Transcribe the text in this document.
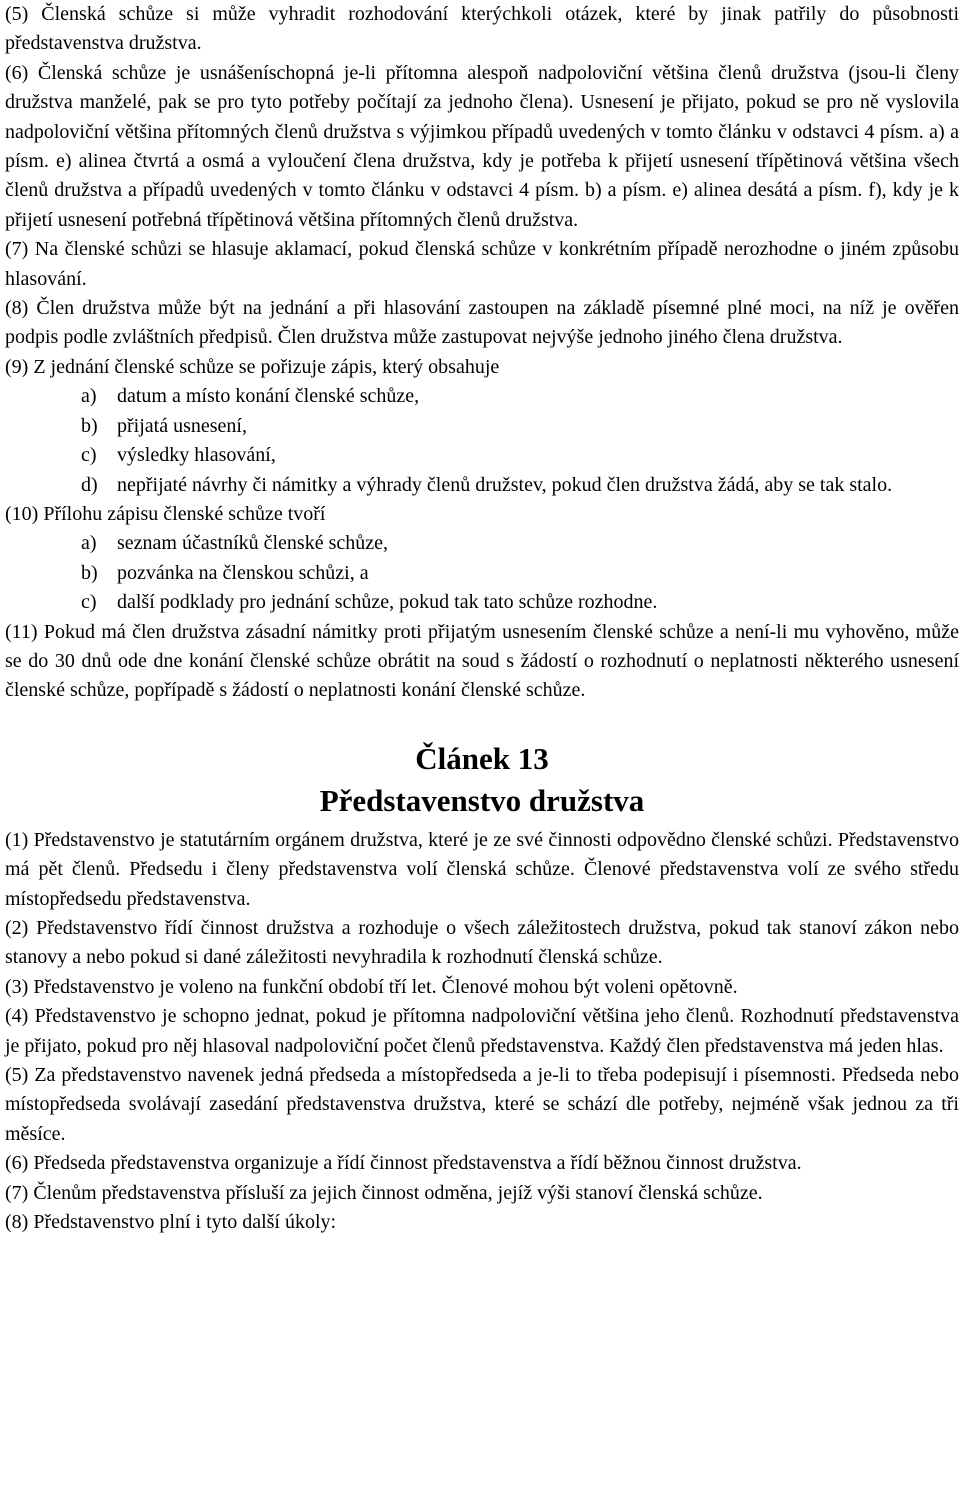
(5) Členská schůze si může vyhradit rozhodování kterýchkoli otázek, které by jinak patřily do působnosti představenstva družstva.

(6) Členská schůze je usnášeníschopná je-li přítomna alespoň nadpoloviční většina členů družstva (jsou-li členy družstva manželé, pak se pro tyto potřeby počítají za jednoho člena). Usnesení je přijato, pokud se pro ně vyslovila nadpoloviční většina přítomných členů družstva s výjimkou případů uvedených v tomto článku v odstavci 4 písm. a) a písm. e) alinea čtvrtá a osmá a vyloučení člena družstva, kdy je potřeba k přijetí usnesení třípětinová většina všech členů družstva a případů uvedených v tomto článku v odstavci 4 písm. b) a písm. e) alinea desátá a písm. f), kdy je k přijetí usnesení potřebná třípětinová většina přítomných členů družstva.

(7) Na členské schůzi se hlasuje aklamací, pokud členská schůze v konkrétním případě nerozhodne o jiném způsobu hlasování.

(8) Člen družstva může být na jednání a při hlasování zastoupen na základě písemné plné moci, na níž je ověřen podpis podle zvláštních předpisů. Člen družstva může zastupovat nejvýše jednoho jiného člena družstva.

(9) Z jednání členské schůze se pořizuje zápis, který obsahuje

a)	datum a místo konání členské schůze,
b) přijatá usnesení,
c)	výsledky hlasování,
d) nepřijaté návrhy či námitky a výhrady členů družstev, pokud člen družstva žádá, aby se tak stalo.

(10) Přílohu zápisu členské schůze tvoří

a)	seznam účastníků členské schůze,
b) pozvánka na členskou schůzi, a
c)	další podklady pro jednání schůze, pokud tak tato schůze rozhodne.

(11) Pokud má člen družstva zásadní námitky proti přijatým usnesením členské schůze a není-li mu vyhověno, může se do 30 dnů ode dne konání členské schůze obrátit na soud s žádostí o rozhodnutí o neplatnosti některého usnesení členské schůze, popřípadě s žádostí o neplatnosti konání členské schůze.

Článek 13

Představenstvo družstva

(1) Představenstvo je statutárním orgánem družstva, které je ze své činnosti odpovědno členské schůzi. Představenstvo má pět členů. Předsedu i členy představenstva volí členská schůze. Členové představenstva volí ze svého středu místopředsedu představenstva.

(2) Představenstvo řídí činnost družstva a rozhoduje o všech záležitostech družstva, pokud tak stanoví zákon nebo stanovy a nebo pokud si dané záležitosti nevyhradila k rozhodnutí členská schůze.

(3) Představenstvo je voleno na funkční období tří let. Členové mohou být voleni opětovně.

(4) Představenstvo je schopno jednat, pokud je přítomna nadpoloviční většina jeho členů. Rozhodnutí představenstva je přijato, pokud pro něj hlasoval nadpoloviční počet členů představenstva. Každý člen představenstva má jeden hlas.

(5) Za představenstvo navenek jedná předseda a místopředseda a je-li to třeba podepisují i písemnosti. Předseda nebo místopředseda svolávají zasedání představenstva družstva, které se schází dle potřeby, nejméně však jednou za tři měsíce.

(6) Předseda představenstva organizuje a řídí činnost představenstva a řídí běžnou činnost družstva.

(7) Členům představenstva přísluší za jejich činnost odměna, jejíž výši stanoví členská schůze.

(8) Představenstvo plní i tyto další úkoly:
